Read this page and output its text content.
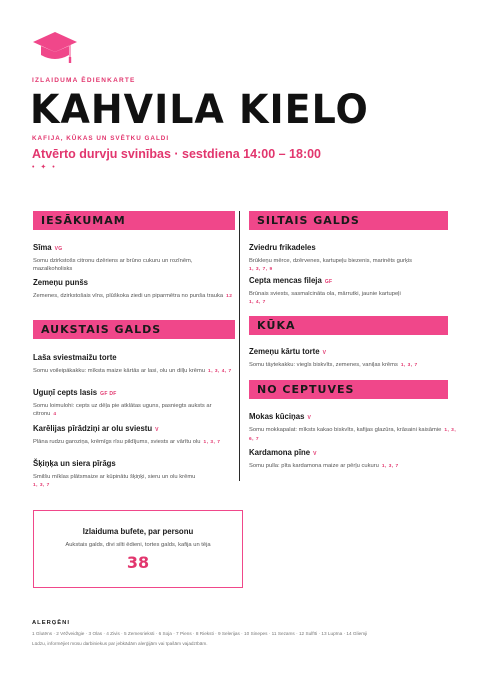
IZLAIDUMA ĒDIENKARTE
KAHVILA KIELO
KAFIJA, KŪKAS UN SVĒTKU GALDI
Atvērto durvju svinības · sestdiena 14:00 – 18:00
• ✦ •
IESĀKUMAM
Sīma VG
Somu dzirkstošs citronu dzēriens ar brūno cukuru un rozīnēm, mazalkoholisks
Zemeņu punšs
Zemenes, dzirkstošais vīns, plūškoka ziedi un piparmētra no punša trauka 12
SILTAIS GALDS
Zviedru frikadeles
Brūkleņu mērce, dzērvenes, kartupeļu biezenis, marinēts gurķis
1, 3, 7, 9
Cepta mencas fileja GF
Brūnais sviests, sasmalcināta ola, mārrutki, jaunie kartupeļi
1, 4, 7
AUKSTAIS GALDS
Laša sviestmaižu torte
Somu voileipäkakku: mīksta maize kārtās ar lasi, olu un dilļu krēmu 1, 3, 4, 7
Uguņī cepts lasis GF DF
Somu loimulohi: cepts uz dēļa pie atklātas uguns, pasniegts auksts ar citronu 4
Karēlijas pīrādziņi ar olu sviestu V
Plāna rudzu garoziņa, krēmīgs rīsu pildījums, sviests ar vārītu olu 1, 3, 7
Šķiņķa un siera pīrāgs
Smilšu mīklas plātsmaize ar kūpinātu šķiņķi, sieru un olu krēmu
1, 3, 7
KŪKA
Zemeņu kārtu torte V
Somu täytekakku: viegls biskvīts, zemenes, vaniļas krēms 1, 3, 7
NO CEPTUVES
Mokas kūciņas V
Somu mokkapalat: mīksts kakao biskvīts, kafijas glazūra, krāsaini kaisāmie 1, 3, 6, 7
Kardamona pīne V
Somu pulla: pīta kardamona maize ar pērļu cukuru 1, 3, 7
Izlaiduma bufete, par personu
Aukstais galds, divi silti ēdieni, tortes galds, kafija un tēja
38
ALERĢĒNI
1 Glutēns · 2 Vēžveidīgie · 3 Olas · 4 Zivis · 5 Zemesrieksti · 6 Soja · 7 Piens · 8 Rieksti · 9 Selerijas · 10 Sinepes · 11 Sezams · 12 Sulfīti · 13 Lupīna · 14 Gliemji
Lūdzu, informējiet mūsu darbiniekus par jebkādām alerģijām vai īpašām vajadzībām.
